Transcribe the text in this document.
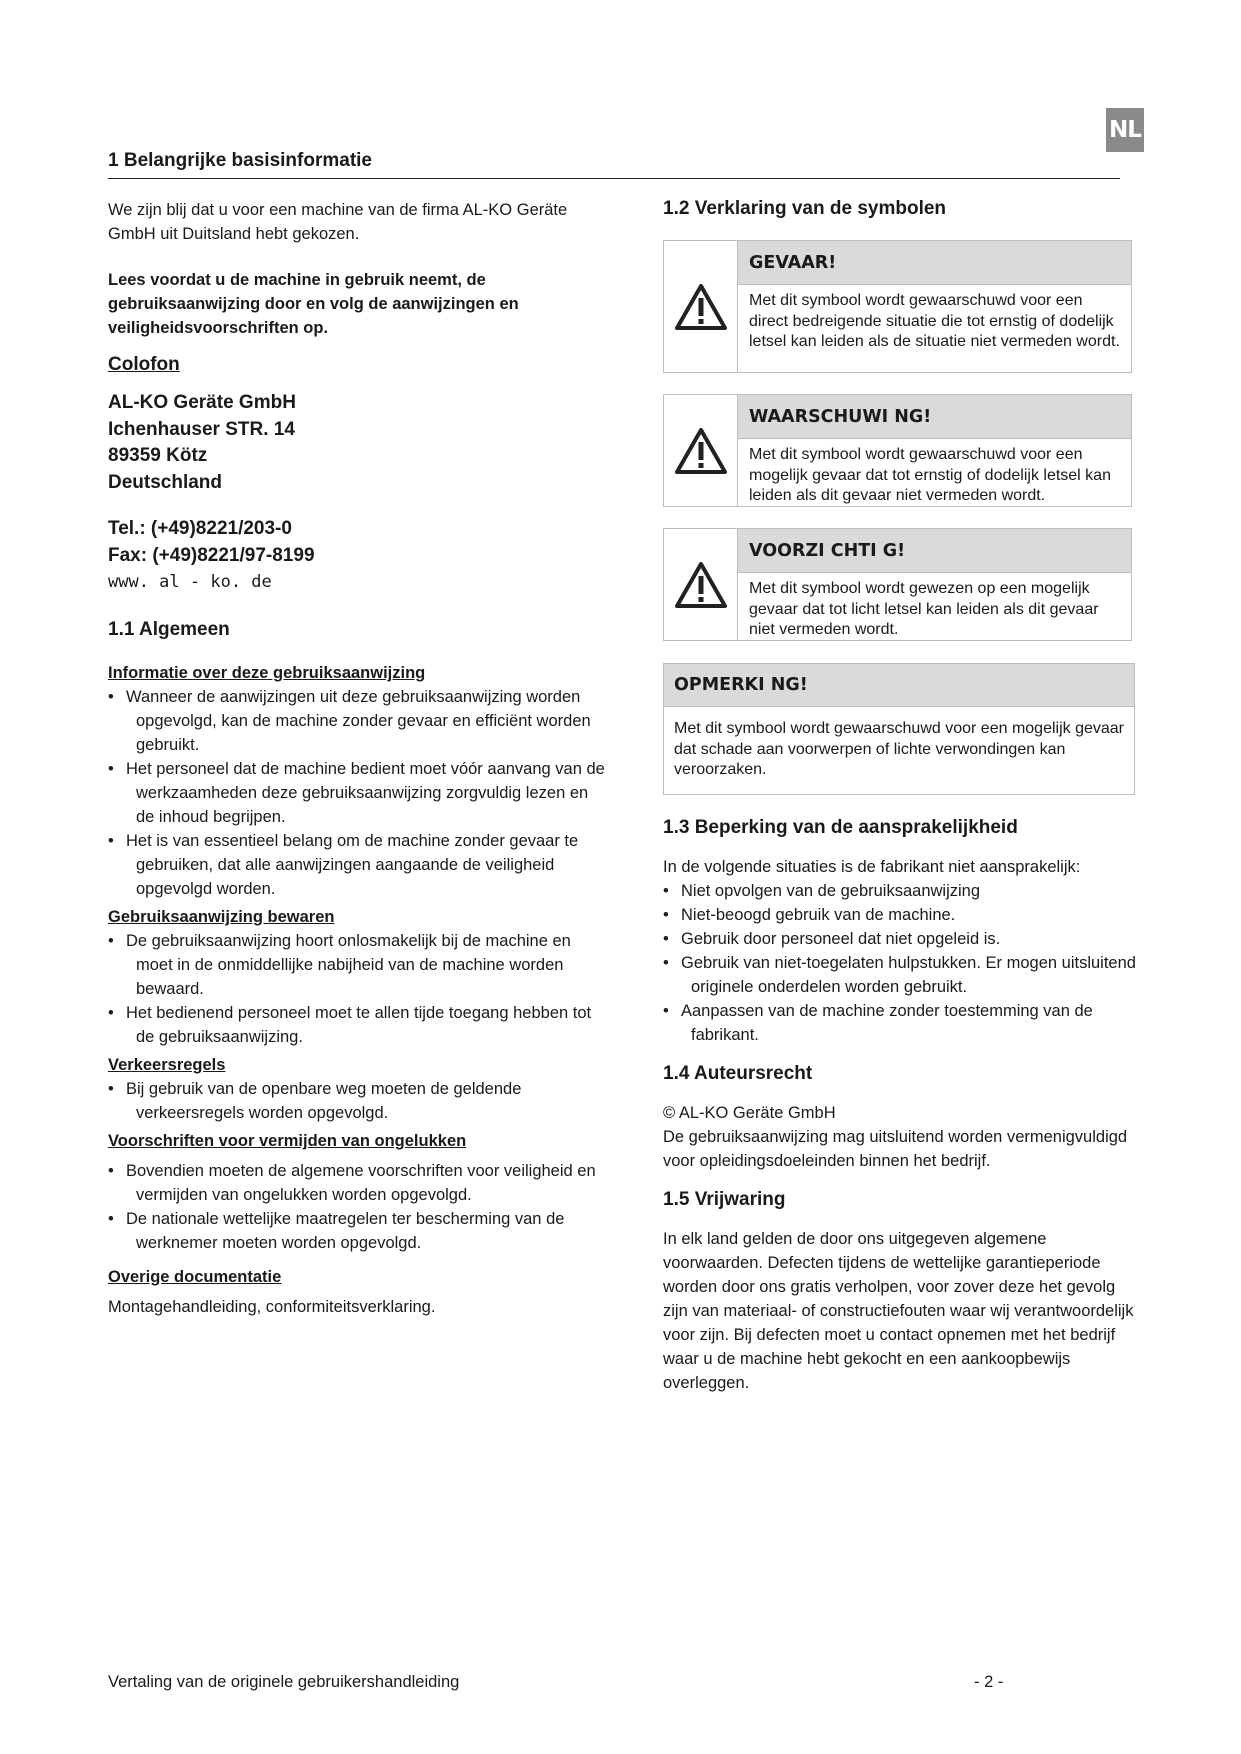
NL
1 Belangrijke basisinformatie

We zijn blij dat u voor een machine van de firma AL-KO Geräte GmbH uit Duitsland hebt gekozen.

Lees voordat u de machine in gebruik neemt, de gebruiksaanwijzing door en volg de aanwijzingen en veiligheidsvoorschriften op.

Colofon
AL-KO Geräte GmbH
Ichenhauser STR. 14
89359 Kötz
Deutschland
Tel.: (+49)8221/203-0
Fax: (+49)8221/97-8199
www. al - ko. de
1.1 Algemeen
Informatie over deze gebruiksaanwijzing
• Wanneer de aanwijzingen uit deze gebruiksaanwijzing worden opgevolgd, kan de machine zonder gevaar en efficiënt worden gebruikt.
• Het personeel dat de machine bedient moet vóór aanvang van de werkzaamheden deze gebruiksaanwijzing zorgvuldig lezen en de inhoud begrijpen.
• Het is van essentieel belang om de machine zonder gevaar te gebruiken, dat alle aanwijzingen aangaande de veiligheid opgevolgd worden.
Gebruiksaanwijzing bewaren
• De gebruiksaanwijzing hoort onlosmakelijk bij de machine en moet in de onmiddellijke nabijheid van de machine worden bewaard.
• Het bedienend personeel moet te allen tijde toegang hebben tot de gebruiksaanwijzing.
Verkeersregels
• Bij gebruik van de openbare weg moeten de geldende verkeersregels worden opgevolgd.
Voorschriften voor vermijden van ongelukken
• Bovendien moeten de algemene voorschriften voor veiligheid en vermijden van ongelukken worden opgevolgd.
• De nationale wettelijke maatregelen ter bescherming van de werknemer moeten worden opgevolgd.
Overige documentatie

Montagehandleiding, conformiteitsverklaring.

1.2 Verklaring van de symbolen
GEVAAR!
Met dit symbool wordt gewaarschuwd voor een direct bedreigende situatie die tot ernstig of dodelijk letsel kan leiden als de situatie niet vermeden wordt.
WAARSCHUWI NG!
Met dit symbool wordt gewaarschuwd voor een mogelijk gevaar dat tot ernstig of dodelijk letsel kan leiden als dit gevaar niet vermeden wordt.
VOORZI CHTI G!
Met dit symbool wordt gewezen op een mogelijk gevaar dat tot licht letsel kan leiden als dit gevaar niet vermeden wordt.
OPMERKI NG!
Met dit symbool wordt gewaarschuwd voor een mogelijk gevaar dat schade aan voorwerpen of lichte verwondingen kan veroorzaken.
1.3 Beperking van de aansprakelijkheid

In de volgende situaties is de fabrikant niet aansprakelijk:

• Niet opvolgen van de gebruiksaanwijzing
• Niet-beoogd gebruik van de machine.
• Gebruik door personeel dat niet opgeleid is.
• Gebruik van niet-toegelaten hulpstukken. Er mogen uitsluitend originele onderdelen worden gebruikt.
• Aanpassen van de machine zonder toestemming van de fabrikant.
1.4 Auteursrecht

© AL-KO Geräte GmbH

De gebruiksaanwijzing mag uitsluitend worden vermenigvuldigd voor opleidingsdoeleinden binnen het bedrijf.

1.5 Vrijwaring

In elk land gelden de door ons uitgegeven algemene voorwaarden. Defecten tijdens de wettelijke garantieperiode worden door ons gratis verholpen, voor zover deze het gevolg zijn van materiaal- of constructiefouten waar wij verantwoordelijk voor zijn. Bij defecten moet u contact opnemen met het bedrijf waar u de machine hebt gekocht en een aankoopbewijs overleggen.

Vertaling van de originele gebruikershandleiding	- 2 -
